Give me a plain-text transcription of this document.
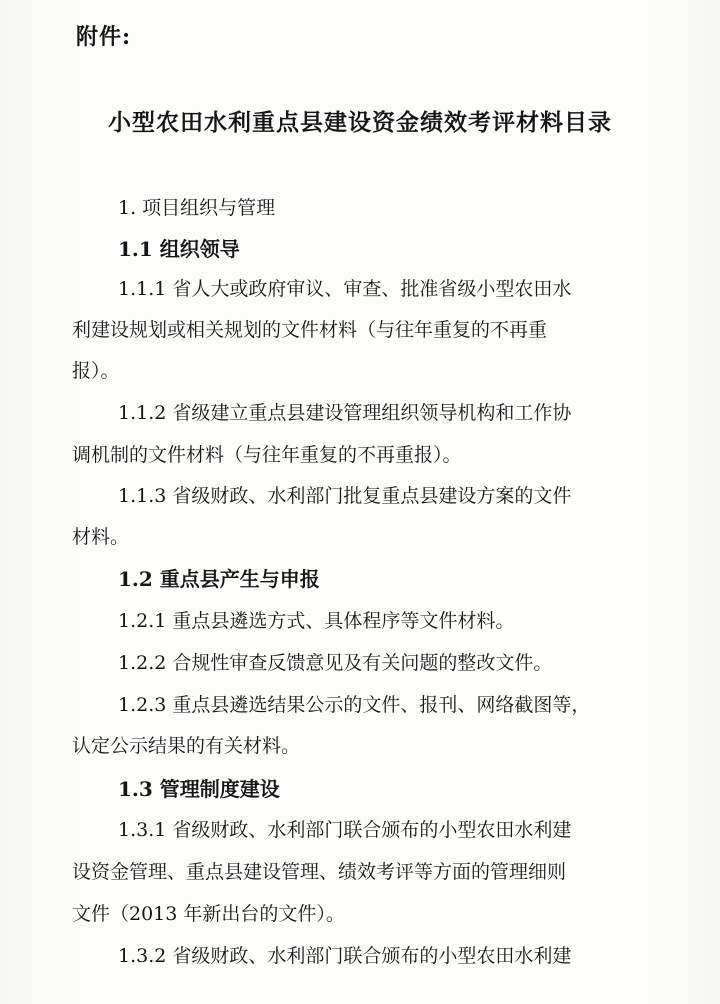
附件:
小型农田水利重点县建设资金绩效考评材料目录
1. 项目组织与管理
1.1 组织领导
1.1.1 省人大或政府审议、审查、批准省级小型农田水
利建设规划或相关规划的文件材料（与往年重复的不再重
报）。
1.1.2 省级建立重点县建设管理组织领导机构和工作协
调机制的文件材料（与往年重复的不再重报）。
1.1.3 省级财政、水利部门批复重点县建设方案的文件
材料。
1.2 重点县产生与申报
1.2.1 重点县遴选方式、具体程序等文件材料。
1.2.2 合规性审查反馈意见及有关问题的整改文件。
1.2.3 重点县遴选结果公示的文件、报刊、网络截图等，
认定公示结果的有关材料。
1.3 管理制度建设
1.3.1 省级财政、水利部门联合颁布的小型农田水利建
设资金管理、重点县建设管理、绩效考评等方面的管理细则
文件（2013 年新出台的文件）。
1.3.2 省级财政、水利部门联合颁布的小型农田水利建
